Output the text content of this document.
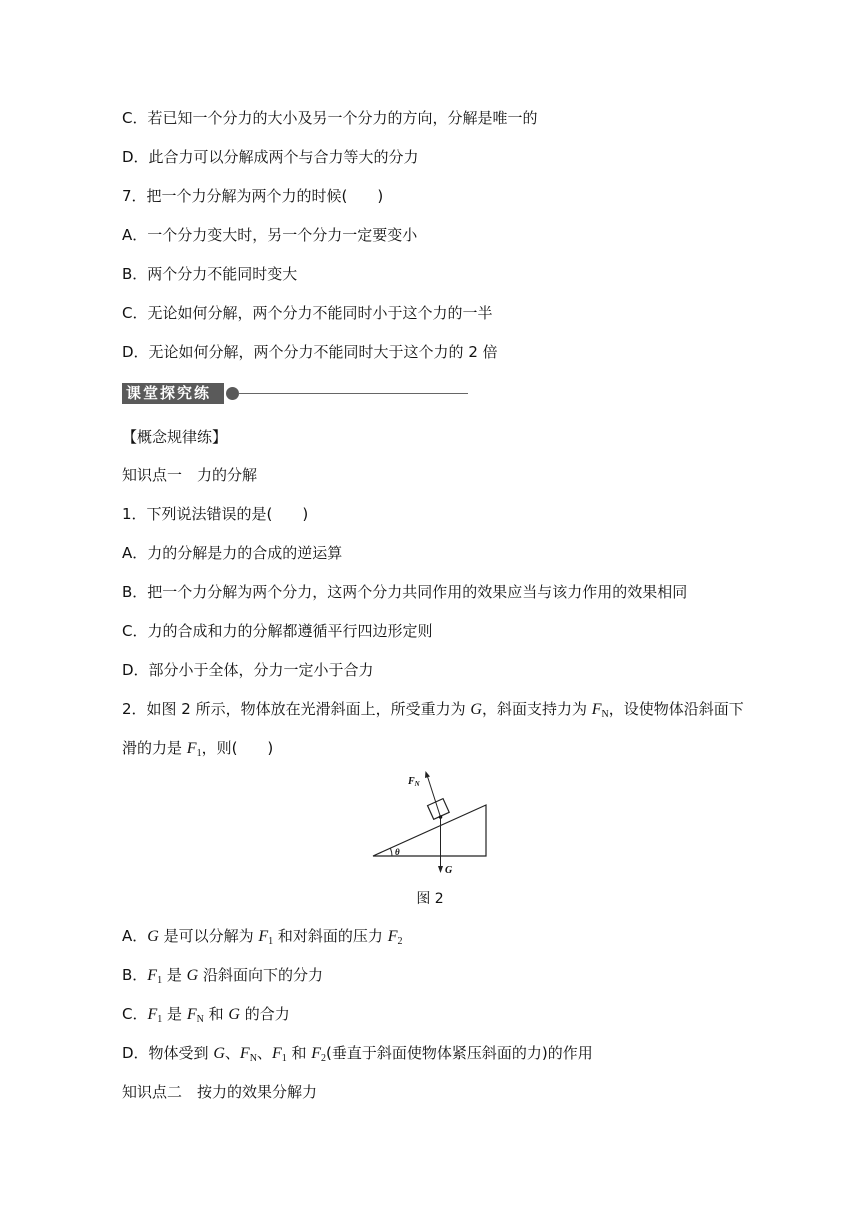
C．若已知一个分力的大小及另一个分力的方向，分解是唯一的
D．此合力可以分解成两个与合力等大的分力
7．把一个力分解为两个力的时候(　　)
A．一个分力变大时，另一个分力一定要变小
B．两个分力不能同时变大
C．无论如何分解，两个分力不能同时小于这个力的一半
D．无论如何分解，两个分力不能同时大于这个力的 2 倍
课堂探究练
【概念规律练】
知识点一　力的分解
1．下列说法错误的是(　　)
A．力的分解是力的合成的逆运算
B．把一个力分解为两个分力，这两个分力共同作用的效果应当与该力作用的效果相同
C．力的合成和力的分解都遵循平行四边形定则
D．部分小于全体，分力一定小于合力
2．如图 2 所示，物体放在光滑斜面上，所受重力为 G，斜面支持力为 $F_N$，设使物体沿斜面下
滑的力是 $F_1$，则(　　)
$F_N$
G
θ
图 2
A．G 是可以分解为 $F_1$ 和对斜面的压力 $F_2$
B．$F_1$ 是 G 沿斜面向下的分力
C．$F_1$ 是 $F_N$ 和 G 的合力
D．物体受到 G、$F_N$、$F_1$ 和 $F_2$(垂直于斜面使物体紧压斜面的力)的作用
知识点二　按力的效果分解力
